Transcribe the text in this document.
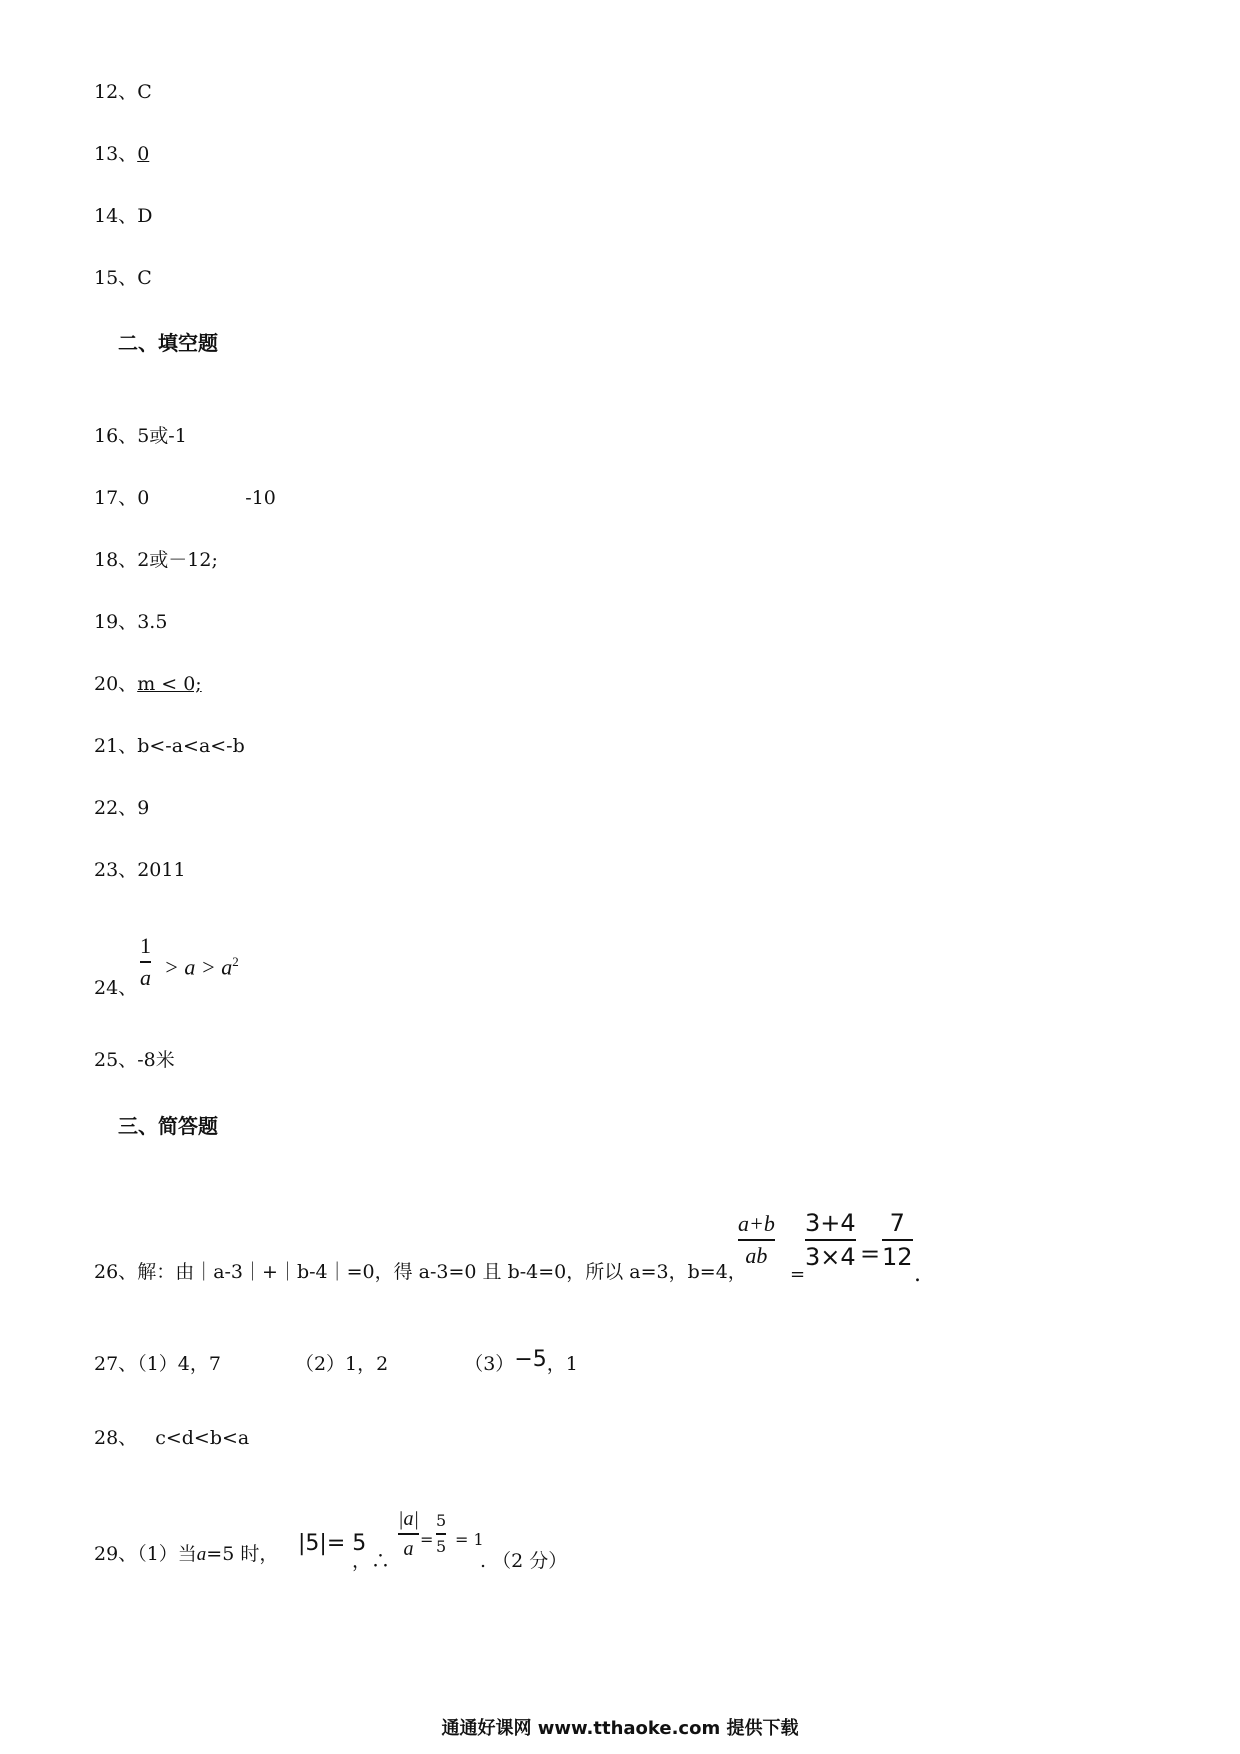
12、C
13、0
14、D
15、C
二、填空题
16、5或-1
17、0	-10
18、2或－12;
19、3.5
20、m < 0;
21、b<-a<a<-b
22、9
23、2011
24、
1
$a > a > a^2$
25、-8米
三、简答题
26、解：由｜a-3｜+｜b-4｜=0，得 a-3=0 且 b-4=0，所以 a=3，b=4，
a+b
ab
=
3+4
3×4 =
7
12
.
27、（1）4，7	（2）1，2	（3）−5，1
28、 c<d<b<a
29、（1）当a=5 时， |5|= 5
，∴
|a|
a =
5
5 = 1
. （2 分）
通通好课网 www.tthaoke.com 提供下载
